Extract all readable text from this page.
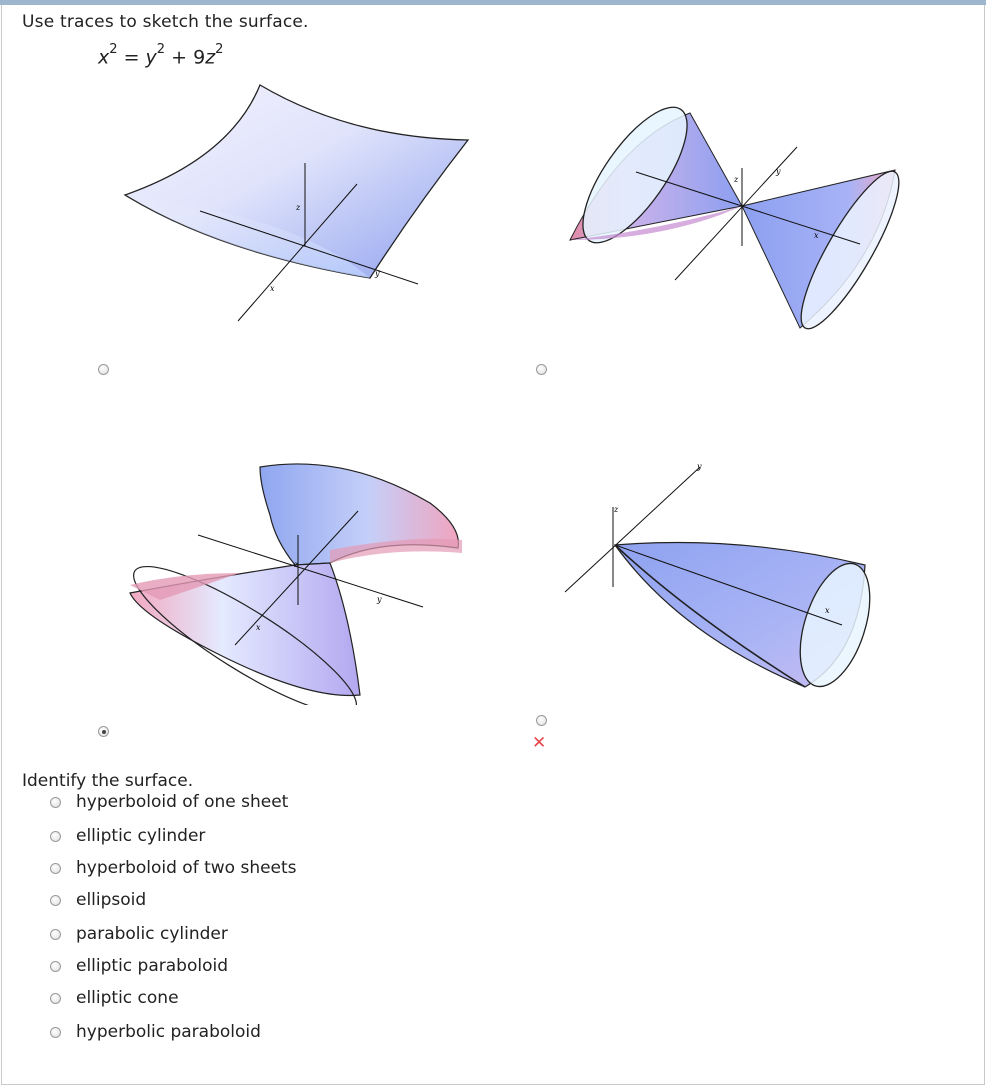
Use traces to sketch the surface.
$x^2 = y^2 + 9z^2$
z
x
y
z
y
x
z
x
y
z
y
x
✕
Identify the surface.
hyperboloid of one sheet
elliptic cylinder
hyperboloid of two sheets
ellipsoid
parabolic cylinder
elliptic paraboloid
elliptic cone
hyperbolic paraboloid
